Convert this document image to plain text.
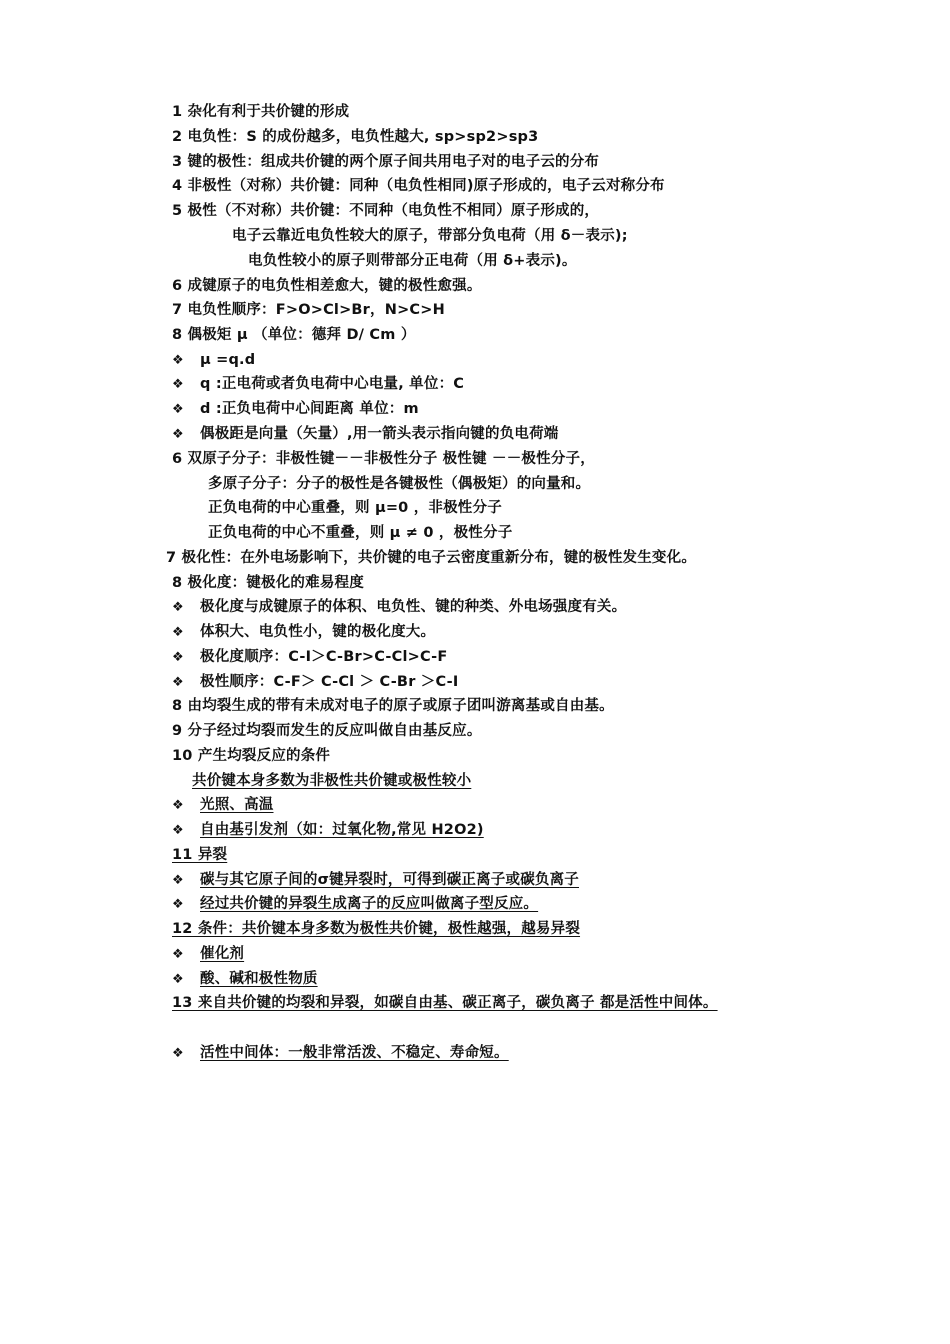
1 杂化有利于共价键的形成
2 电负性：S 的成份越多，电负性越大, sp>sp2>sp3
3 键的极性：组成共价键的两个原子间共用电子对的电子云的分布
4 非极性（对称）共价键：同种（电负性相同)原子形成的，电子云对称分布
5 极性（不对称）共价键：不同种（电负性不相同）原子形成的，
电子云靠近电负性较大的原子，带部分负电荷（用 δ－表示);
电负性较小的原子则带部分正电荷（用 δ+表示)。
6 成键原子的电负性相差愈大，键的极性愈强。
7 电负性顺序：F>O>Cl>Br，N>C>H
8 偶极矩 μ （单位：德拜 D/ Cm ）
❖ μ =q.d
❖ q :正电荷或者负电荷中心电量, 单位：C
❖ d :正负电荷中心间距离 单位：m
❖ 偶极距是向量（矢量）,用一箭头表示指向键的负电荷端
6 双原子分子：非极性键－－非极性分子 极性键 －－极性分子，
多原子分子：分子的极性是各键极性（偶极矩）的向量和。
正负电荷的中心重叠，则 μ=0 ，非极性分子
正负电荷的中心不重叠，则 μ ≠ 0 ，极性分子
7 极化性：在外电场影响下，共价键的电子云密度重新分布，键的极性发生变化。
8 极化度：键极化的难易程度
❖ 极化度与成键原子的体积、电负性、键的种类、外电场强度有关。
❖ 体积大、电负性小，键的极化度大。
❖ 极化度顺序：C-I＞C-Br>C-Cl>C-F
❖ 极性顺序：C-F＞ C-Cl ＞ C-Br ＞C-I
8 由均裂生成的带有未成对电子的原子或原子团叫游离基或自由基。
9 分子经过均裂而发生的反应叫做自由基反应。
10 产生均裂反应的条件
共价键本身多数为非极性共价键或极性较小
❖ 光照、高温
❖ 自由基引发剂（如：过氧化物,常见 H2O2)
11 异裂
❖ 碳与其它原子间的σ键异裂时，可得到碳正离子或碳负离子
❖ 经过共价键的异裂生成离子的反应叫做离子型反应。
12 条件：共价键本身多数为极性共价键，极性越强，越易异裂
❖ 催化剂
❖ 酸、碱和极性物质
13 来自共价键的均裂和异裂，如碳自由基、碳正离子，碳负离子 都是活性中间体。
❖ 活性中间体：一般非常活泼、不稳定、寿命短。
